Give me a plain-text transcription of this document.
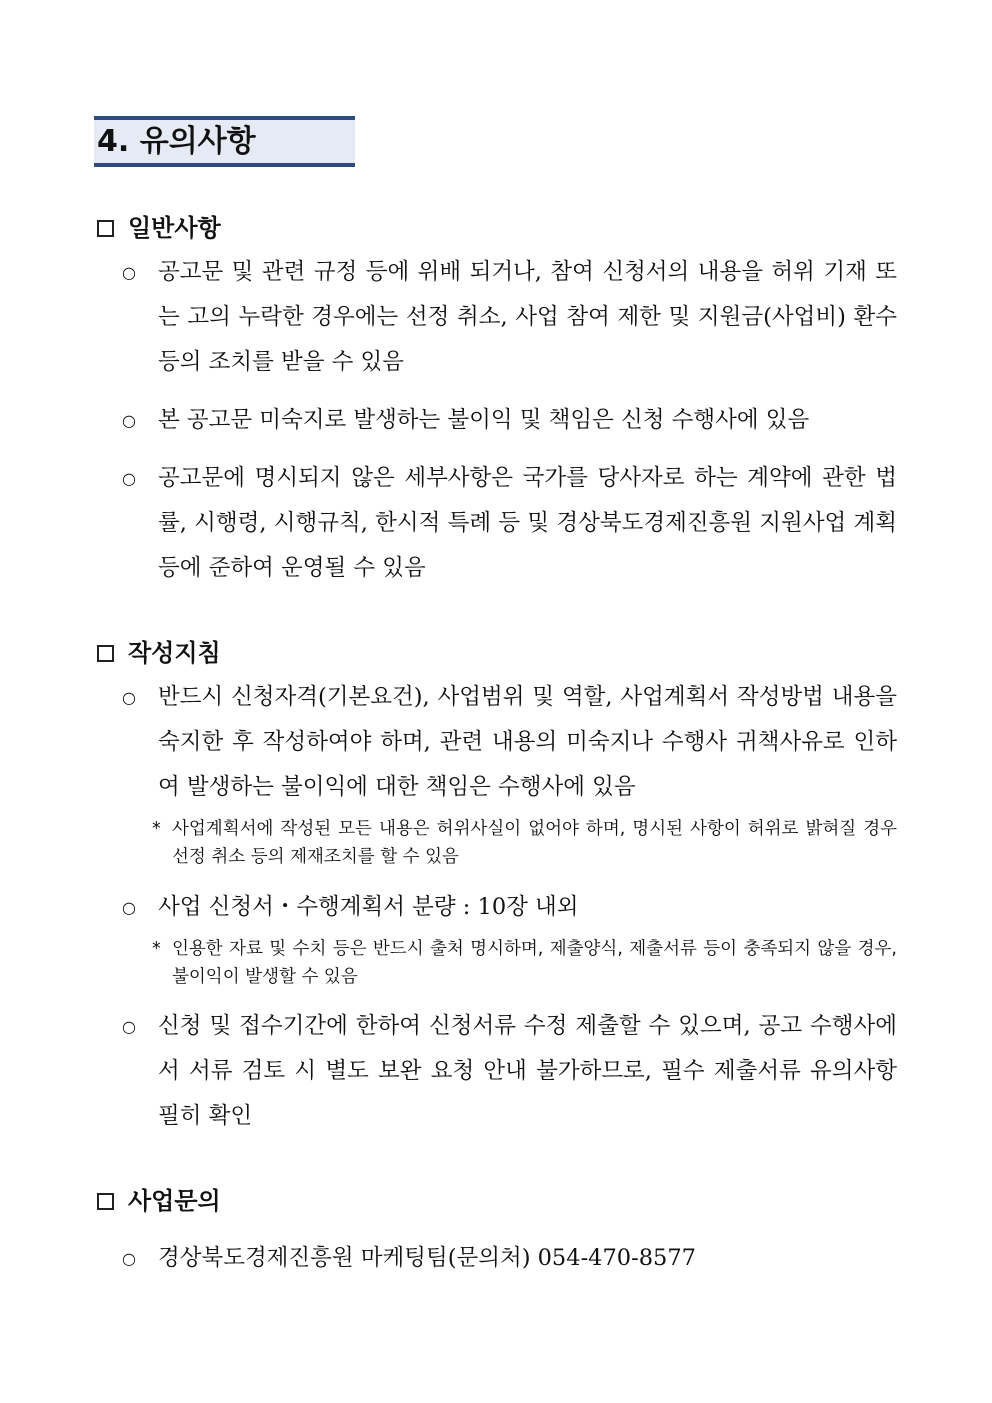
4. 유의사항
일반사항
○ 공고문 및 관련 규정 등에 위배 되거나, 참여 신청서의 내용을 허위 기재 또는 고의 누락한 경우에는 선정 취소, 사업 참여 제한 및 지원금(사업비) 환수 등의 조치를 받을 수 있음
○ 본 공고문 미숙지로 발생하는 불이익 및 책임은 신청 수행사에 있음
○ 공고문에 명시되지 않은 세부사항은 국가를 당사자로 하는 계약에 관한 법률, 시행령, 시행규칙, 한시적 특례 등 및 경상북도경제진흥원 지원사업 계획 등에 준하여 운영될 수 있음
작성지침
○ 반드시 신청자격(기본요건), 사업범위 및 역할, 사업계획서 작성방법 내용을 숙지한 후 작성하여야 하며, 관련 내용의 미숙지나 수행사 귀책사유로 인하여 발생하는 불이익에 대한 책임은 수행사에 있음
* 사업계획서에 작성된 모든 내용은 허위사실이 없어야 하며, 명시된 사항이 허위로 밝혀질 경우 선정 취소 등의 제재조치를 할 수 있음
○ 사업 신청서・수행계획서 분량 : 10장 내외
* 인용한 자료 및 수치 등은 반드시 출처 명시하며, 제출양식, 제출서류 등이 충족되지 않을 경우, 불이익이 발생할 수 있음
○ 신청 및 접수기간에 한하여 신청서류 수정 제출할 수 있으며, 공고 수행사에서 서류 검토 시 별도 보완 요청 안내 불가하므로, 필수 제출서류 유의사항 필히 확인
사업문의
○ 경상북도경제진흥원 마케팅팀(문의처) 054-470-8577
